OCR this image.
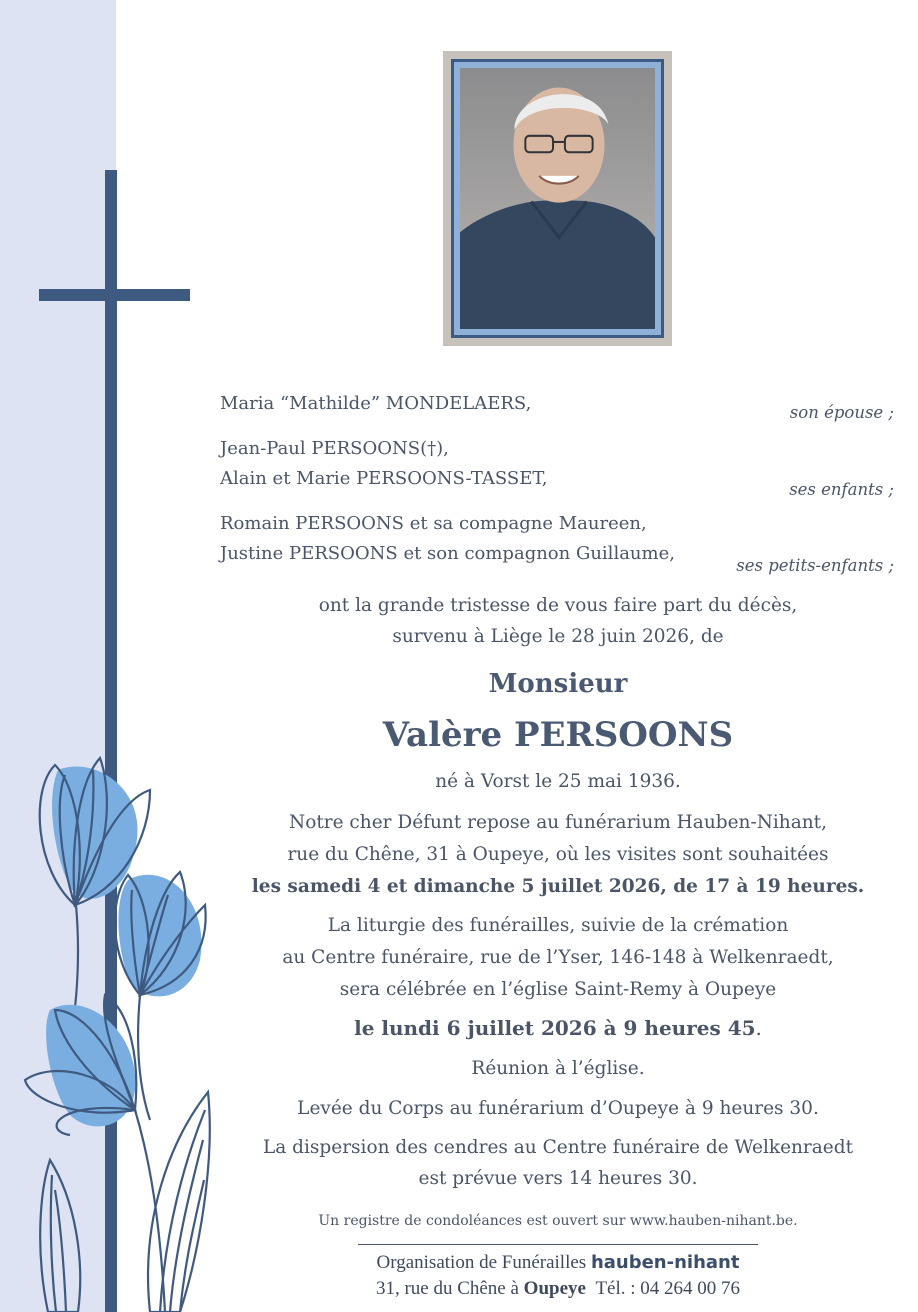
Maria “Mathilde” MONDELAERS,	son épouse ;
Jean-Paul PERSOONS(†),
Alain et Marie PERSOONS-TASSET,
ses enfants ;
Romain PERSOONS et sa compagne Maureen,
Justine PERSOONS et son compagnon Guillaume,
ses petits-enfants ;
ont la grande tristesse de vous faire part du décès,
survenu à Liège le 28 juin 2026, de
Monsieur
Valère PERSOONS
né à Vorst le 25 mai 1936.
Notre cher Défunt repose au funérarium Hauben-Nihant,
rue du Chêne, 31 à Oupeye, où les visites sont souhaitées
les samedi 4 et dimanche 5 juillet 2026, de 17 à 19 heures.
La liturgie des funérailles, suivie de la crémation
au Centre funéraire, rue de l’Yser, 146-148 à Welkenraedt,
sera célébrée en l’église Saint-Remy à Oupeye
le lundi 6 juillet 2026 à 9 heures 45.
Réunion à l’église.
Levée du Corps au funérarium d’Oupeye à 9 heures 30.
La dispersion des cendres au Centre funéraire de Welkenraedt
est prévue vers 14 heures 30.
Un registre de condoléances est ouvert sur www.hauben-nihant.be.
Organisation de Funérailles hauben-nihant
31, rue du Chêne à Oupeye Tél. : 04 264 00 76
